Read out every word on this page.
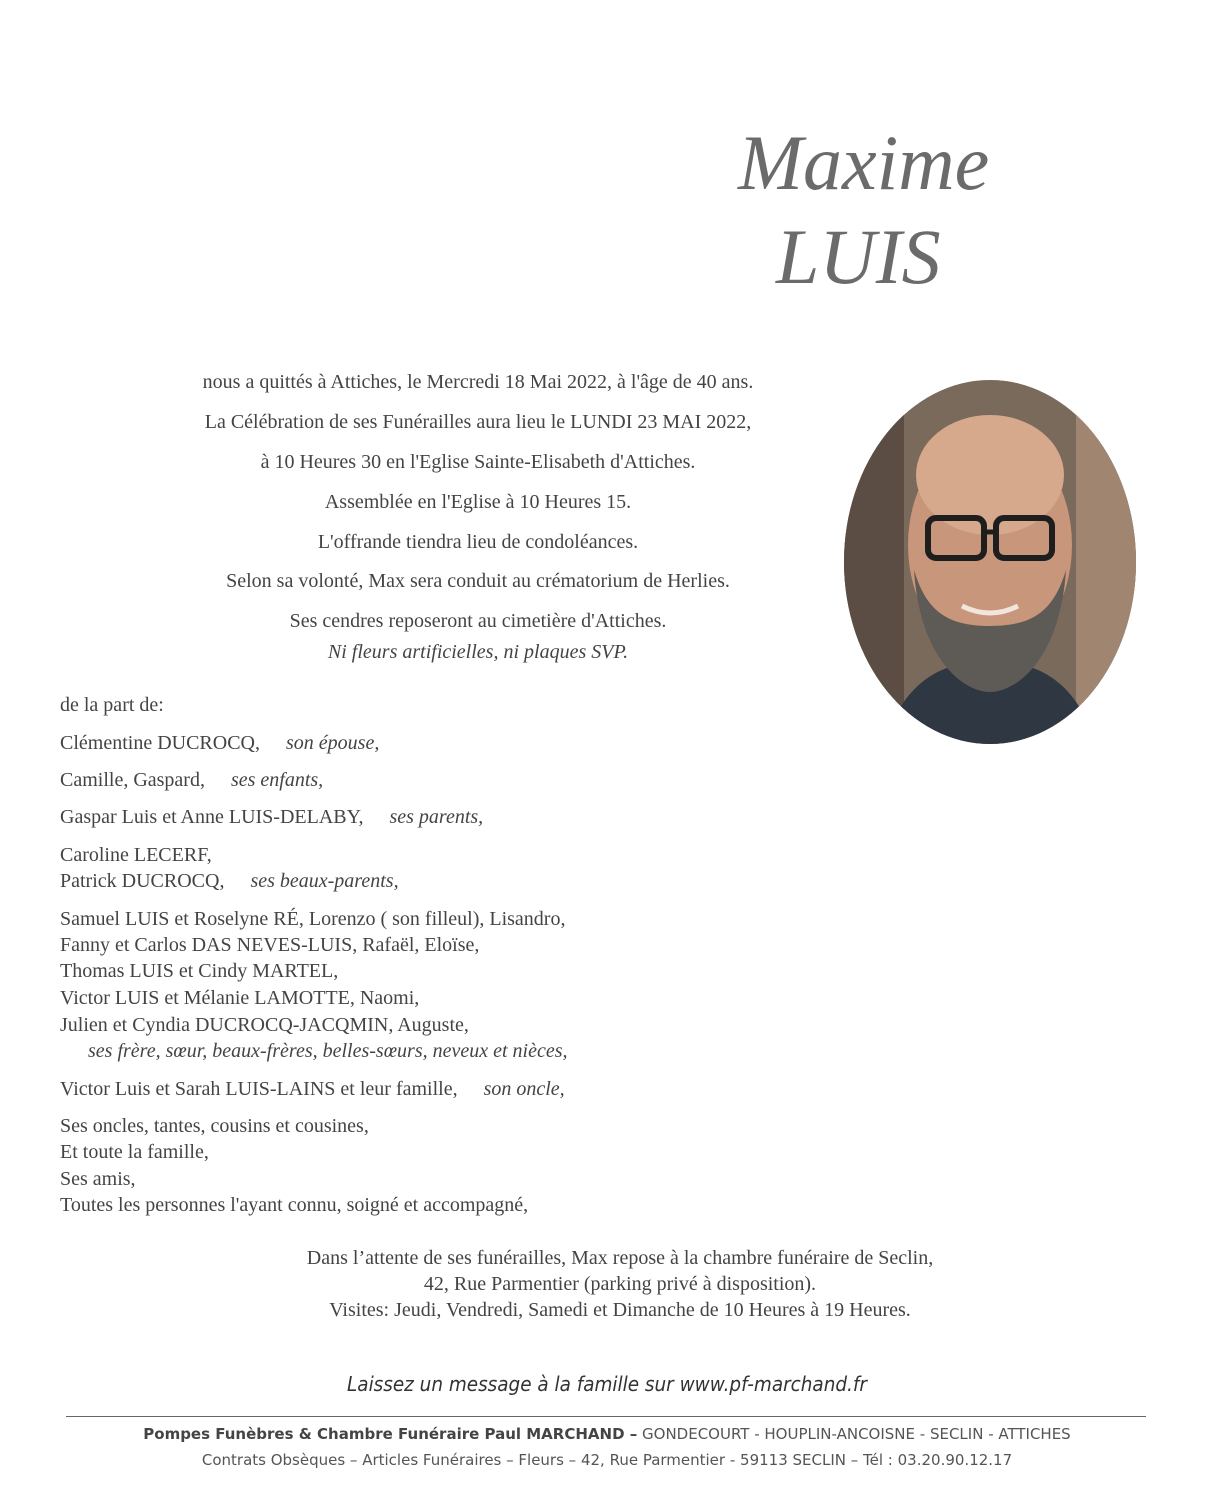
Maxime
LUIS
nous a quittés à Attiches, le Mercredi 18 Mai 2022, à l'âge de 40 ans.
La Célébration de ses Funérailles aura lieu le LUNDI 23 MAI 2022,
à 10 Heures 30 en l'Eglise Sainte-Elisabeth d'Attiches.
Assemblée en l'Eglise à 10 Heures 15.
L'offrande tiendra lieu de condoléances.
Selon sa volonté, Max sera conduit au crématorium de Herlies.
Ses cendres reposeront au cimetière d'Attiches.
Ni fleurs artificielles, ni plaques SVP.
de la part de:
Clémentine DUCROCQ, son épouse,
Camille, Gaspard, ses enfants,
Gaspar Luis et Anne LUIS-DELABY, ses parents,
Caroline LECERF,
Patrick DUCROCQ, ses beaux-parents,
Samuel LUIS et Roselyne RÉ, Lorenzo ( son filleul), Lisandro,
Fanny et Carlos DAS NEVES-LUIS, Rafaël, Eloïse,
Thomas LUIS et Cindy MARTEL,
Victor LUIS et Mélanie LAMOTTE, Naomi,
Julien et Cyndia DUCROCQ-JACQMIN, Auguste,
ses frère, sœur, beaux-frères, belles-sœurs, neveux et nièces,
Victor Luis et Sarah LUIS-LAINS et leur famille, son oncle,
Ses oncles, tantes, cousins et cousines,
Et toute la famille,
Ses amis,
Toutes les personnes l'ayant connu, soigné et accompagné,
Dans l’attente de ses funérailles, Max repose à la chambre funéraire de Seclin,
42, Rue Parmentier (parking privé à disposition).
Visites: Jeudi, Vendredi, Samedi et Dimanche de 10 Heures à 19 Heures.
Laissez un message à la famille sur www.pf-marchand.fr
Pompes Funèbres & Chambre Funéraire Paul MARCHAND – GONDECOURT - HOUPLIN-ANCOISNE - SECLIN - ATTICHES
Contrats Obsèques – Articles Funéraires – Fleurs – 42, Rue Parmentier - 59113 SECLIN – Tél : 03.20.90.12.17
